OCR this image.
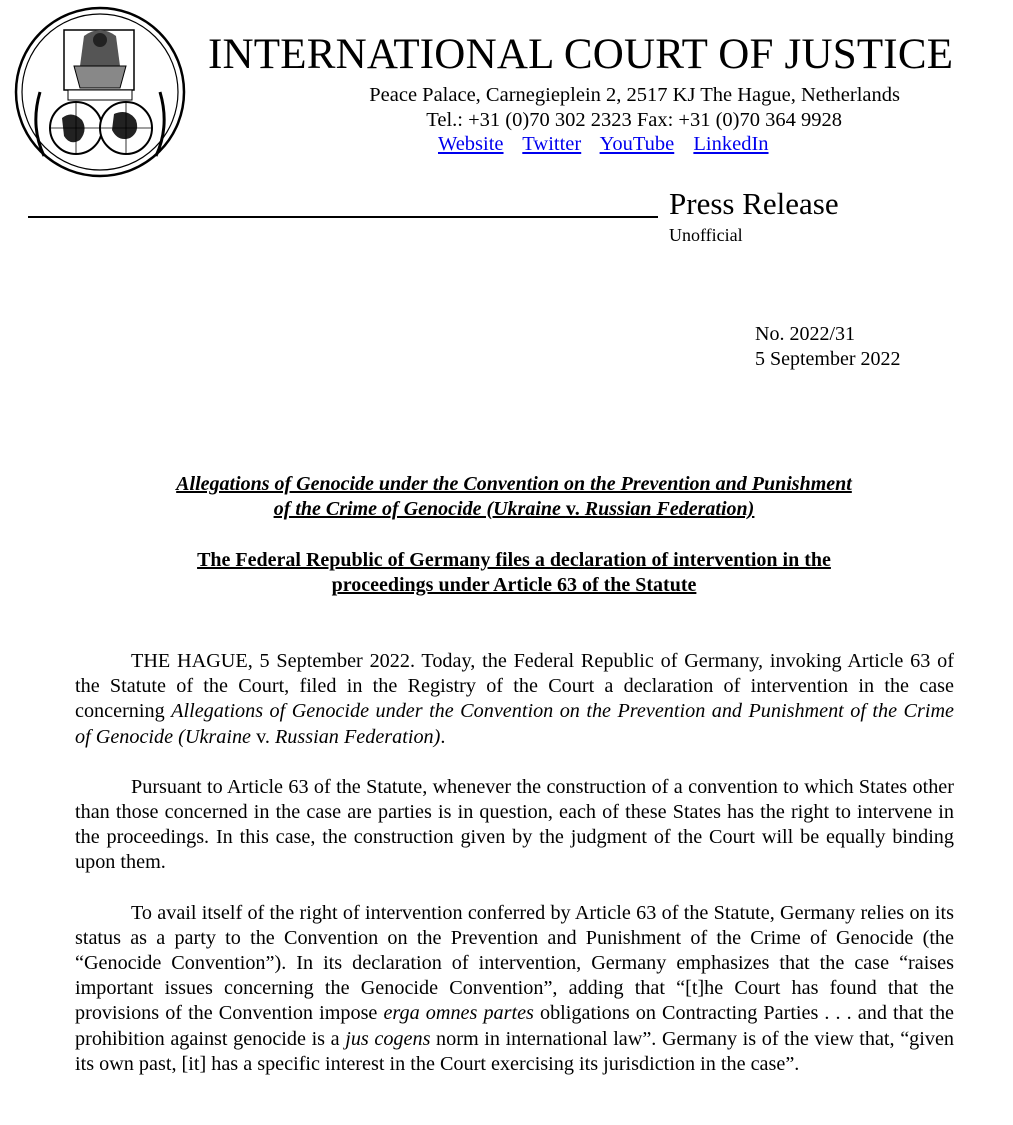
INTERNATIONAL COURT OF JUSTICE
Peace Palace, Carnegieplein 2, 2517 KJ The Hague, Netherlands
Tel.: +31 (0)70 302 2323 Fax: +31 (0)70 364 9928
Website Twitter YouTube LinkedIn
Press Release
Unofficial
No. 2022/31
5 September 2022
Allegations of Genocide under the Convention on the Prevention and Punishment
of the Crime of Genocide (Ukraine v. Russian Federation)
The Federal Republic of Germany files a declaration of intervention in the
proceedings under Article 63 of the Statute

THE HAGUE, 5 September 2022. Today, the Federal Republic of Germany, invoking Article 63 of the Statute of the Court, filed in the Registry of the Court a declaration of intervention in the case concerning Allegations of Genocide under the Convention on the Prevention and Punishment of the Crime of Genocide (Ukraine v. Russian Federation).

Pursuant to Article 63 of the Statute, whenever the construction of a convention to which States other than those concerned in the case are parties is in question, each of these States has the right to intervene in the proceedings. In this case, the construction given by the judgment of the Court will be equally binding upon them.

To avail itself of the right of intervention conferred by Article 63 of the Statute, Germany relies on its status as a party to the Convention on the Prevention and Punishment of the Crime of Genocide (the “Genocide Convention”). In its declaration of intervention, Germany emphasizes that the case “raises important issues concerning the Genocide Convention”, adding that “[t]he Court has found that the provisions of the Convention impose erga omnes partes obligations on Contracting Parties . . . and that the prohibition against genocide is a jus cogens norm in international law”. Germany is of the view that, “given its own past, [it] has a specific interest in the Court exercising its jurisdiction in the case”.
